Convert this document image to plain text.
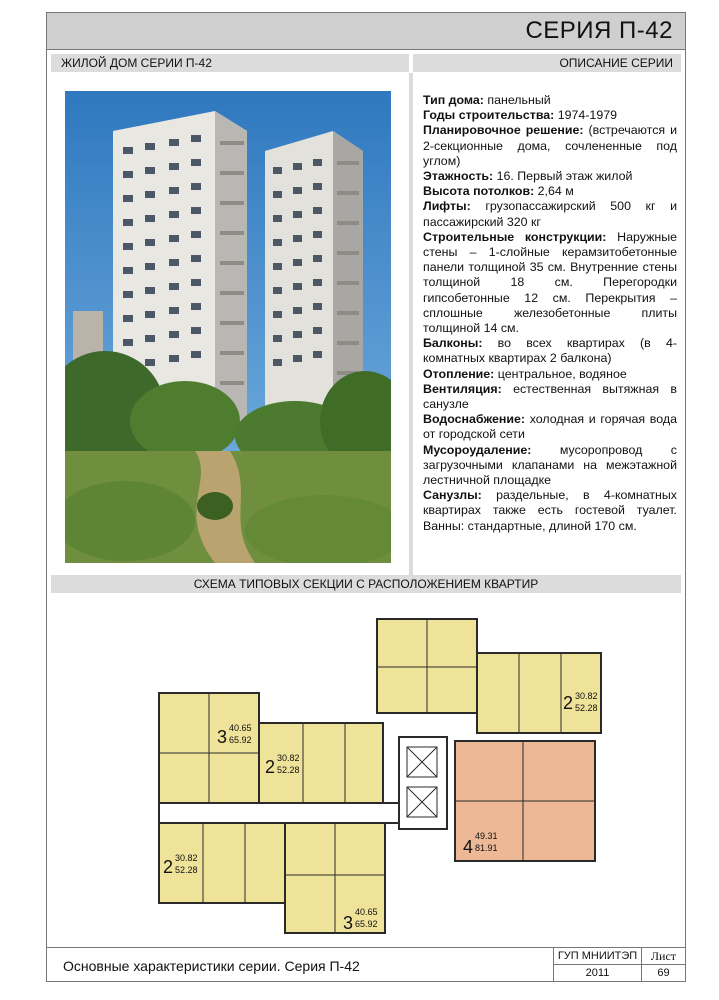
СЕРИЯ П-42
ЖИЛОЙ ДОМ СЕРИИ П-42	ОПИСАНИЕ СЕРИИ

Тип дома: панельный

Годы строительства: 1974-1979

Планировочное решение: (встречаются и 2-секционные дома, сочлененные под углом)

Этажность: 16. Первый этаж жилой

Высота потолков: 2,64 м

Лифты: грузопассажирский 500 кг и пассажирский 320 кг

Строительные конструкции: Наружные стены – 1-слойные керамзитобетонные панели толщиной 35 см. Внутренние стены толщиной 18 см. Перегородки гипсобетонные 12 см. Перекрытия – сплошные железобетонные плиты толщиной 14 см.

Балконы: во всех квартирах (в 4-комнатных квартирах 2 балкона)

Отопление: центральное, водяное

Вентиляция: естественная вытяжная в санузле

Водоснабжение: холодная и горячая вода от городской сети

Мусороудаление: мусоропровод с загрузочными клапанами на межэтажной лестничной площадке

Санузлы: раздельные, в 4-комнатных квартирах также есть гостевой туалет. Ванны: стандартные, длиной 170 см.

СХЕМА ТИПОВЫХ СЕКЦИИ С РАСПОЛОЖЕНИЕМ КВАРТИР
3 40.65
65.92
2 30.82
52.28
2 30.82
52.28
2 30.82
52.28
3
40.65
65.92
4
49.31
81.91
Основные характеристики серии. Серия П-42
ГУП МНИИТЭП
2011
Лист
69
